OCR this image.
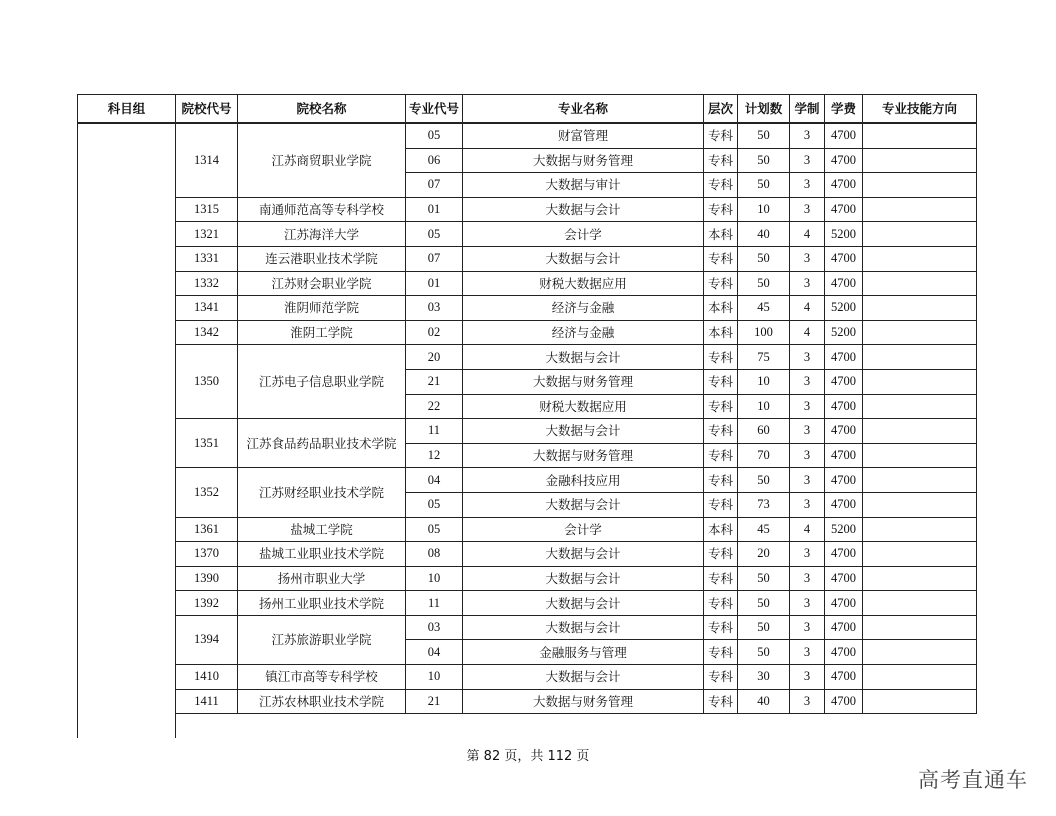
科目组	院校代号	院校名称	专业代号	专业名称	层次	计划数	学制	学费	专业技能方向
	1314	江苏商贸职业学院	05	财富管理	专科	50	3	4700	
			06	大数据与财务管理	专科	50	3	4700	
			07	大数据与审计	专科	50	3	4700	
	1315	南通师范高等专科学校	01	大数据与会计	专科	10	3	4700	
	1321	江苏海洋大学	05	会计学	本科	40	4	5200	
	1331	连云港职业技术学院	07	大数据与会计	专科	50	3	4700	
	1332	江苏财会职业学院	01	财税大数据应用	专科	50	3	4700	
	1341	淮阴师范学院	03	经济与金融	本科	45	4	5200	
	1342	淮阴工学院	02	经济与金融	本科	100	4	5200	
	1350	江苏电子信息职业学院	20	大数据与会计	专科	75	3	4700	
			21	大数据与财务管理	专科	10	3	4700	
			22	财税大数据应用	专科	10	3	4700	
	1351	江苏食品药品职业技术学院	11	大数据与会计	专科	60	3	4700	
			12	大数据与财务管理	专科	70	3	4700	
	1352	江苏财经职业技术学院	04	金融科技应用	专科	50	3	4700	
			05	大数据与会计	专科	73	3	4700	
	1361	盐城工学院	05	会计学	本科	45	4	5200	
	1370	盐城工业职业技术学院	08	大数据与会计	专科	20	3	4700	
	1390	扬州市职业大学	10	大数据与会计	专科	50	3	4700	
	1392	扬州工业职业技术学院	11	大数据与会计	专科	50	3	4700	
	1394	江苏旅游职业学院	03	大数据与会计	专科	50	3	4700	
			04	金融服务与管理	专科	50	3	4700	
	1410	镇江市高等专科学校	10	大数据与会计	专科	30	3	4700	
	1411	江苏农林职业技术学院	21	大数据与财务管理	专科	40	3	4700	

第 82 页，共 112 页
高考直通车
